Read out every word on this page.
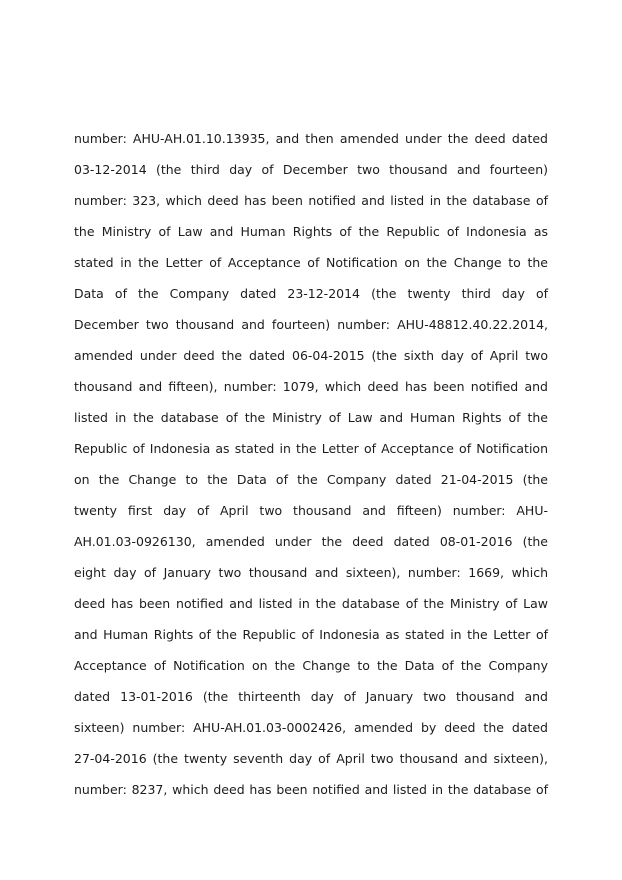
number: AHU-AH.01.10.13935, and then amended under the deed dated
03-12-2014 (the third day of December two thousand and fourteen)
number: 323, which deed has been notified and listed in the database of
the Ministry of Law and Human Rights of the Republic of Indonesia as
stated in the Letter of Acceptance of Notification on the Change to the
Data of the Company dated 23-12-2014 (the twenty third day of
December two thousand and fourteen) number: AHU-48812.40.22.2014,
amended under deed the dated 06-04-2015 (the sixth day of April two
thousand and fifteen), number: 1079, which deed has been notified and
listed in the database of the Ministry of Law and Human Rights of the
Republic of Indonesia as stated in the Letter of Acceptance of Notification
on the Change to the Data of the Company dated 21-04-2015 (the
twenty first day of April two thousand and fifteen) number: AHU-
AH.01.03-0926130, amended under the deed dated 08-01-2016 (the
eight day of January two thousand and sixteen), number: 1669, which
deed has been notified and listed in the database of the Ministry of Law
and Human Rights of the Republic of Indonesia as stated in the Letter of
Acceptance of Notification on the Change to the Data of the Company
dated 13-01-2016 (the thirteenth day of January two thousand and
sixteen) number: AHU-AH.01.03-0002426, amended by deed the dated
27-04-2016 (the twenty seventh day of April two thousand and sixteen),
number: 8237, which deed has been notified and listed in the database of
